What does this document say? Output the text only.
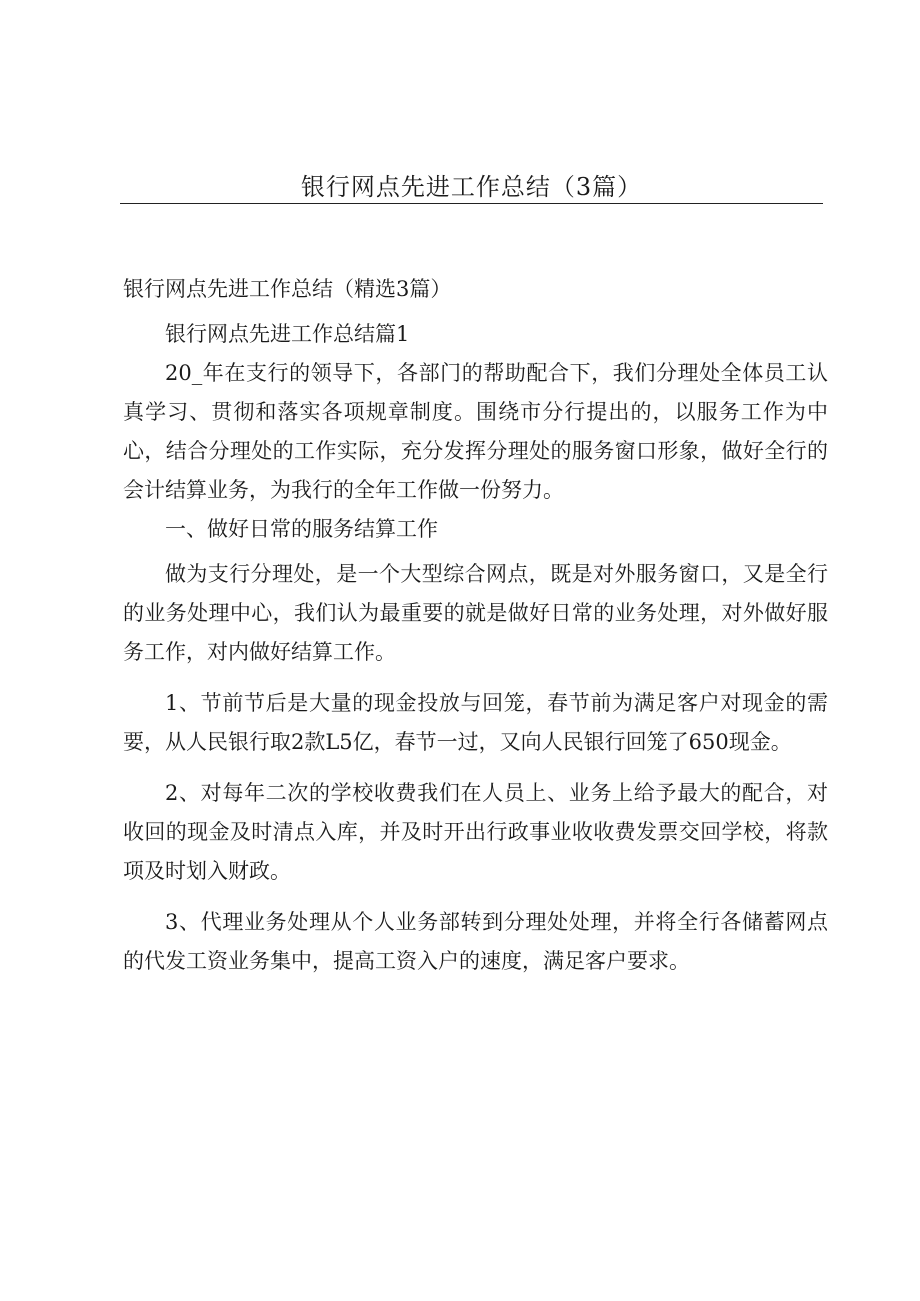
银行网点先进工作总结（3篇）

银行网点先进工作总结（精选3篇）

银行网点先进工作总结篇1

20_年在支行的领导下，各部门的帮助配合下，我们分理处全体员工认真学习、贯彻和落实各项规章制度。围绕市分行提出的，以服务工作为中心，结合分理处的工作实际，充分发挥分理处的服务窗口形象，做好全行的会计结算业务，为我行的全年工作做一份努力。

一、做好日常的服务结算工作

做为支行分理处，是一个大型综合网点，既是对外服务窗口，又是全行的业务处理中心，我们认为最重要的就是做好日常的业务处理，对外做好服务工作，对内做好结算工作。

1、节前节后是大量的现金投放与回笼，春节前为满足客户对现金的需要，从人民银行取2款L5亿，春节一过，又向人民银行回笼了650现金。

2、对每年二次的学校收费我们在人员上、业务上给予最大的配合，对收回的现金及时清点入库，并及时开出行政事业收收费发票交回学校，将款项及时划入财政。

3、代理业务处理从个人业务部转到分理处处理，并将全行各储蓄网点的代发工资业务集中，提高工资入户的速度，满足客户要求。
